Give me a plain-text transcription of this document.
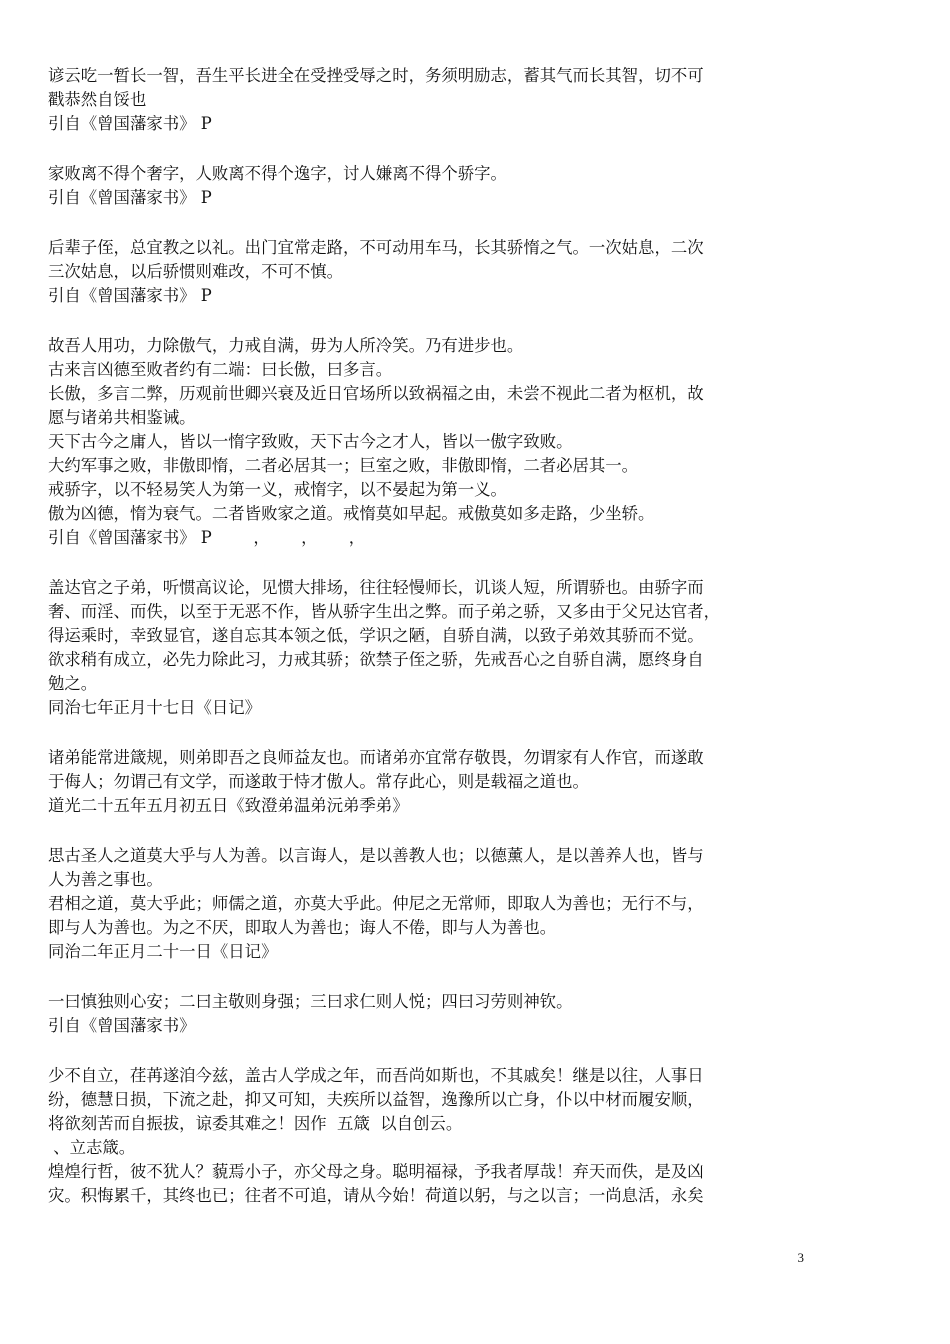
谚云吃一暂长一智，吾生平长进全在受挫受辱之时，务须明励志，蓄其气而长其智，切不可
戳恭然自馁也
引自《曾国藩家书》 P
家败离不得个奢字，人败离不得个逸字，讨人嫌离不得个骄字。
引自《曾国藩家书》 P
后辈子侄，总宜教之以礼。出门宜常走路，不可动用车马，长其骄惰之气。一次姑息，二次
三次姑息，以后骄惯则难改，不可不慎。
引自《曾国藩家书》 P
故吾人用功，力除傲气，力戒自满，毋为人所冷笑。乃有进步也。
古来言凶德至败者约有二端：曰长傲，曰多言。
长傲，多言二弊，历观前世卿兴衰及近日官场所以致祸福之由，未尝不视此二者为枢机，故
愿与诸弟共相鉴诫。
天下古今之庸人，皆以一惰字致败，天下古今之才人，皆以一傲字致败。
大约军事之败，非傲即惰，二者必居其一；巨室之败，非傲即惰，二者必居其一。
戒骄字，以不轻易笑人为第一义，戒惰字，以不晏起为第一义。
傲为凶德，惰为衰气。二者皆败家之道。戒惰莫如早起。戒傲莫如多走路，少坐轿。
引自《曾国藩家书》 P        ，      ，      ，
盖达官之子弟，听惯高议论，见惯大排场，往往轻慢师长，讥谈人短，所谓骄也。由骄字而
奢、而淫、而佚，以至于无恶不作，皆从骄字生出之弊。而子弟之骄，又多由于父兄达官者，
得运乘时，幸致显官，遂自忘其本领之低，学识之陋，自骄自满，以致子弟效其骄而不觉。
欲求稍有成立，必先力除此习，力戒其骄；欲禁子侄之骄，先戒吾心之自骄自满，愿终身自
勉之。
同治七年正月十七日《日记》
诸弟能常进箴规，则弟即吾之良师益友也。而诸弟亦宜常存敬畏，勿谓家有人作官，而遂敢
于侮人；勿谓己有文学，而遂敢于恃才傲人。常存此心，则是载福之道也。
道光二十五年五月初五日《致澄弟温弟沅弟季弟》
思古圣人之道莫大乎与人为善。以言诲人，是以善教人也；以德薰人，是以善养人也，皆与
人为善之事也。
君相之道，莫大乎此；师儒之道，亦莫大乎此。仲尼之无常师，即取人为善也；无行不与，
即与人为善也。为之不厌，即取人为善也；诲人不倦，即与人为善也。
同治二年正月二十一日《日记》
一曰慎独则心安；二曰主敬则身强；三曰求仁则人悦；四曰习劳则神钦。
引自《曾国藩家书》
少不自立，荏苒遂洎今兹，盖古人学成之年，而吾尚如斯也，不其戚矣！继是以往，人事日
纷，德慧日损，下流之赴，抑又可知，夫疾所以益智，逸豫所以亡身，仆以中材而履安顺，
将欲刻苦而自振拔，谅委其难之！因作  五箴  以自创云。
、立志箴。
煌煌行哲，彼不犹人？藐焉小子，亦父母之身。聪明福禄，予我者厚哉！弃天而佚，是及凶
灾。积悔累千，其终也已；往者不可追，请从今始！荷道以躬，与之以言；一尚息活，永矣
3
